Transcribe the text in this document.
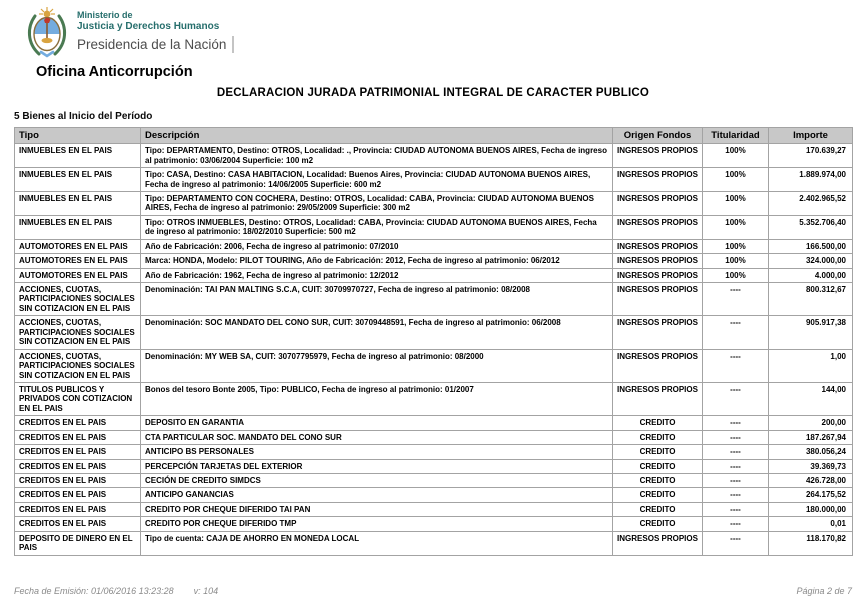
Ministerio de
Justicia y Derechos Humanos
Presidencia de la Nación
Oficina Anticorrupción
DECLARACION JURADA PATRIMONIAL INTEGRAL DE CARACTER PUBLICO
5 Bienes al Inicio del Período
Tipo	Descripción	Origen Fondos	Titularidad	Importe
INMUEBLES EN EL PAIS	Tipo: DEPARTAMENTO, Destino: OTROS, Localidad: ., Provincia: CIUDAD AUTONOMA BUENOS AIRES, Fecha de ingreso al patrimonio: 03/06/2004 Superficie: 100 m2	INGRESOS PROPIOS	100%	170.639,27
INMUEBLES EN EL PAIS	Tipo: CASA, Destino: CASA HABITACION, Localidad: Buenos Aires, Provincia: CIUDAD AUTONOMA BUENOS AIRES, Fecha de ingreso al patrimonio: 14/06/2005 Superficie: 600 m2	INGRESOS PROPIOS	100%	1.889.974,00
INMUEBLES EN EL PAIS	Tipo: DEPARTAMENTO CON COCHERA, Destino: OTROS, Localidad: CABA, Provincia: CIUDAD AUTONOMA BUENOS AIRES, Fecha de ingreso al patrimonio: 29/05/2009 Superficie: 300 m2	INGRESOS PROPIOS	100%	2.402.965,52
INMUEBLES EN EL PAIS	Tipo: OTROS INMUEBLES, Destino: OTROS, Localidad: CABA, Provincia: CIUDAD AUTONOMA BUENOS AIRES, Fecha de ingreso al patrimonio: 18/02/2010 Superficie: 500 m2	INGRESOS PROPIOS	100%	5.352.706,40
AUTOMOTORES EN EL PAIS	Año de Fabricación: 2006, Fecha de ingreso al patrimonio: 07/2010	INGRESOS PROPIOS	100%	166.500,00
AUTOMOTORES EN EL PAIS	Marca: HONDA, Modelo: PILOT TOURING, Año de Fabricación: 2012, Fecha de ingreso al patrimonio: 06/2012	INGRESOS PROPIOS	100%	324.000,00
AUTOMOTORES EN EL PAIS	Año de Fabricación: 1962, Fecha de ingreso al patrimonio: 12/2012	INGRESOS PROPIOS	100%	4.000,00
ACCIONES, CUOTAS, PARTICIPACIONES SOCIALES SIN COTIZACION EN EL PAIS	Denominación: TAI PAN MALTING S.C.A, CUIT: 30709970727, Fecha de ingreso al patrimonio: 08/2008	INGRESOS PROPIOS	----	800.312,67
ACCIONES, CUOTAS, PARTICIPACIONES SOCIALES SIN COTIZACION EN EL PAIS	Denominación: SOC MANDATO DEL CONO SUR, CUIT: 30709448591, Fecha de ingreso al patrimonio: 06/2008	INGRESOS PROPIOS	----	905.917,38
ACCIONES, CUOTAS, PARTICIPACIONES SOCIALES SIN COTIZACION EN EL PAIS	Denominación: MY WEB SA, CUIT: 30707795979, Fecha de ingreso al patrimonio: 08/2000	INGRESOS PROPIOS	----	1,00
TITULOS PUBLICOS Y PRIVADOS CON COTIZACION EN EL PAIS	Bonos del tesoro Bonte 2005, Tipo: PUBLICO, Fecha de ingreso al patrimonio: 01/2007	INGRESOS PROPIOS	----	144,00
CREDITOS EN EL PAIS	DEPOSITO EN GARANTIA	CREDITO	----	200,00
CREDITOS EN EL PAIS	CTA PARTICULAR SOC. MANDATO DEL CONO SUR	CREDITO	----	187.267,94
CREDITOS EN EL PAIS	ANTICIPO BS PERSONALES	CREDITO	----	380.056,24
CREDITOS EN EL PAIS	PERCEPCIÓN TARJETAS DEL EXTERIOR	CREDITO	----	39.369,73
CREDITOS EN EL PAIS	CECIÓN DE CREDITO SIMDCS	CREDITO	----	426.728,00
CREDITOS EN EL PAIS	ANTICIPO GANANCIAS	CREDITO	----	264.175,52
CREDITOS EN EL PAIS	CREDITO POR CHEQUE DIFERIDO TAI PAN	CREDITO	----	180.000,00
CREDITOS EN EL PAIS	CREDITO POR CHEQUE DIFERIDO TMP	CREDITO	----	0,01
DEPOSITO DE DINERO EN EL PAIS	Tipo de cuenta: CAJA DE AHORRO EN MONEDA LOCAL	INGRESOS PROPIOS	----	118.170,82
Fecha de Emisión: 01/06/2016 13:23:28 v: 104	Página 2 de 7
